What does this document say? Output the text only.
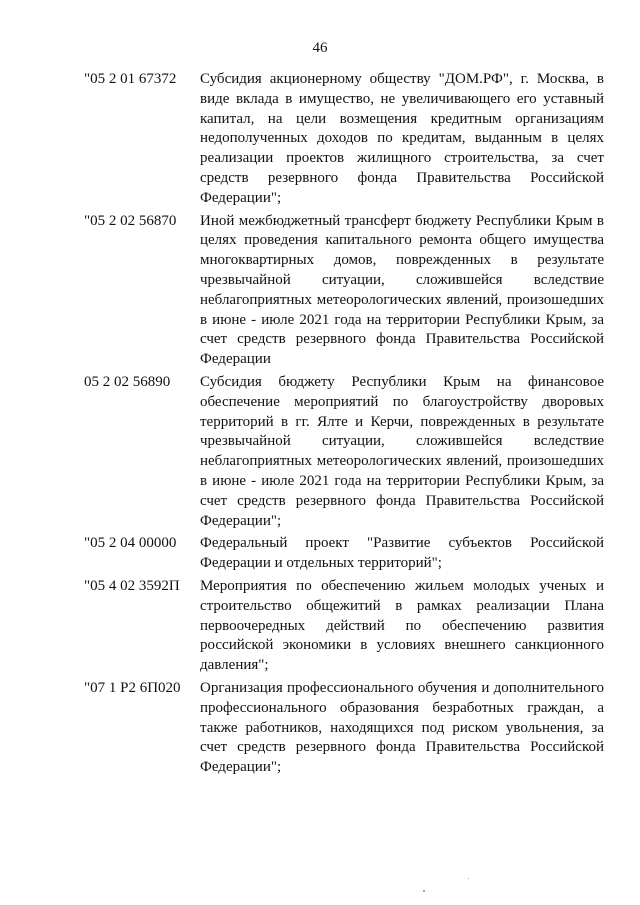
46
"05 2 01 67372	Субсидия акционерному обществу "ДОМ.РФ", г. Москва, в виде вклада в имущество, не увеличивающего его уставный капитал, на цели возмещения кредитным организациям недополученных доходов по кредитам, выданным в целях реализации проектов жилищного строительства, за счет средств резервного фонда Правительства Российской Федерации";
"05 2 02 56870	Иной межбюджетный трансферт бюджету Республики Крым в целях проведения капитального ремонта общего имущества многоквартирных домов, поврежденных в результате чрезвычайной ситуации, сложившейся вследствие неблагоприятных метеорологических явлений, произошедших в июне - июле 2021 года на территории Республики Крым, за счет средств резервного фонда Правительства Российской Федерации
05 2 02 56890	Субсидия бюджету Республики Крым на финансовое обеспечение мероприятий по благоустройству дворовых территорий в гг. Ялте и Керчи, поврежденных в результате чрезвычайной ситуации, сложившейся вследствие неблагоприятных метеорологических явлений, произошедших в июне - июле 2021 года на территории Республики Крым, за счет средств резервного фонда Правительства Российской Федерации";
"05 2 04 00000	Федеральный проект "Развитие субъектов Российской Федерации и отдельных территорий";
"05 4 02 3592П	Мероприятия по обеспечению жильем молодых ученых и строительство общежитий в рамках реализации Плана первоочередных действий по обеспечению развития российской экономики в условиях внешнего санкционного давления";
"07 1 P2 6П020	Организация профессионального обучения и дополнительного профессионального образования безработных граждан, а также работников, находящихся под риском увольнения, за счет средств резервного фонда Правительства Российской Федерации";
